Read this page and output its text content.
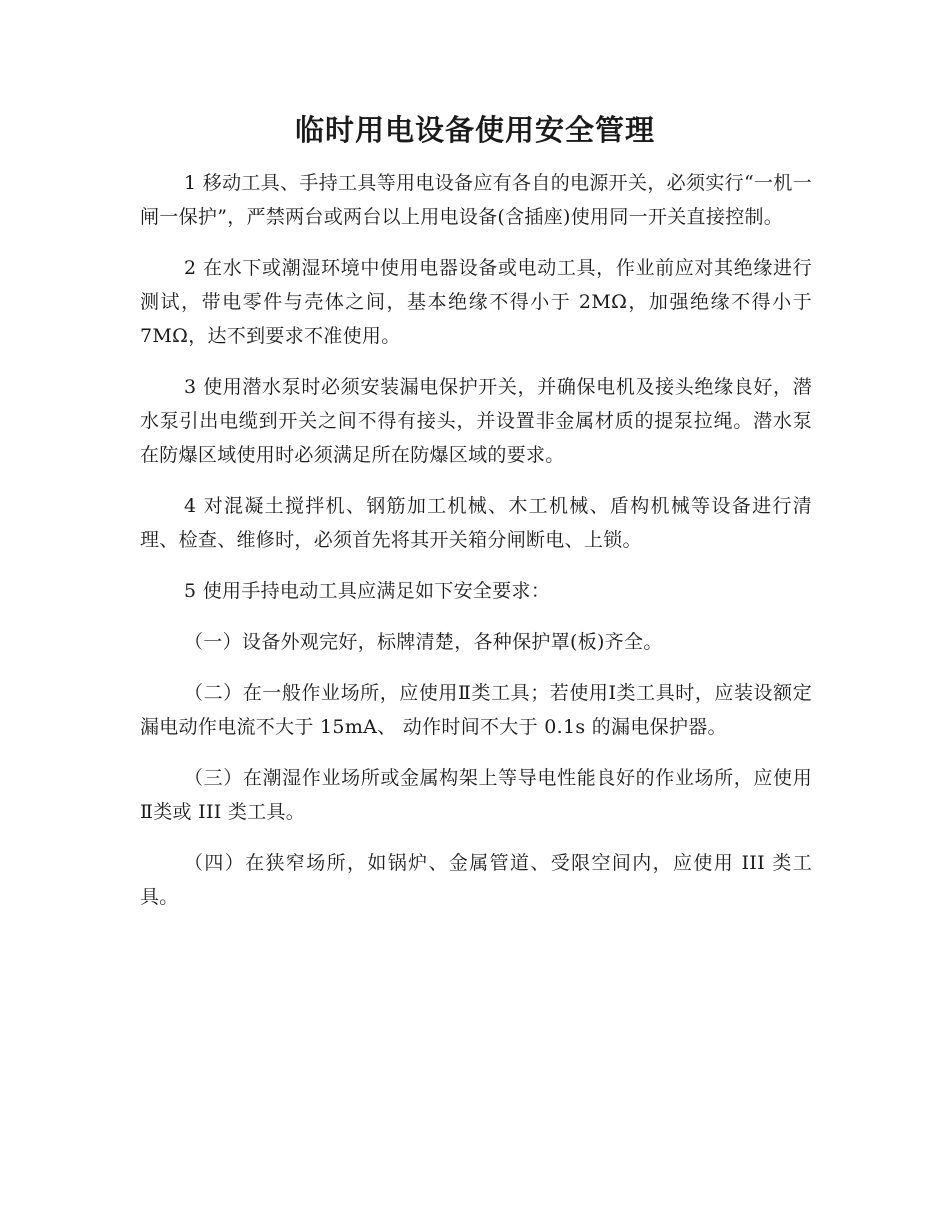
临时用电设备使用安全管理

1 移动工具、手持工具等用电设备应有各自的电源开关，必须实行“一机一闸一保护”，严禁两台或两台以上用电设备(含插座)使用同一开关直接控制。

2 在水下或潮湿环境中使用电器设备或电动工具，作业前应对其绝缘进行测试，带电零件与壳体之间，基本绝缘不得小于 2MΩ，加强绝缘不得小于 7MΩ，达不到要求不准使用。

3 使用潜水泵时必须安装漏电保护开关，并确保电机及接头绝缘良好，潜水泵引出电缆到开关之间不得有接头，并设置非金属材质的提泵拉绳。潜水泵在防爆区域使用时必须满足所在防爆区域的要求。

4 对混凝土搅拌机、钢筋加工机械、木工机械、盾构机械等设备进行清理、检查、维修时，必须首先将其开关箱分闸断电、上锁。

5 使用手持电动工具应满足如下安全要求：

（一）设备外观完好，标牌清楚，各种保护罩(板)齐全。

（二）在一般作业场所，应使用Ⅱ类工具；若使用Ⅰ类工具时，应装设额定漏电动作电流不大于 15mA、 动作时间不大于 0.1s 的漏电保护器。

（三）在潮湿作业场所或金属构架上等导电性能良好的作业场所，应使用Ⅱ类或 III 类工具。

（四）在狭窄场所，如锅炉、金属管道、受限空间内，应使用 III 类工具。
